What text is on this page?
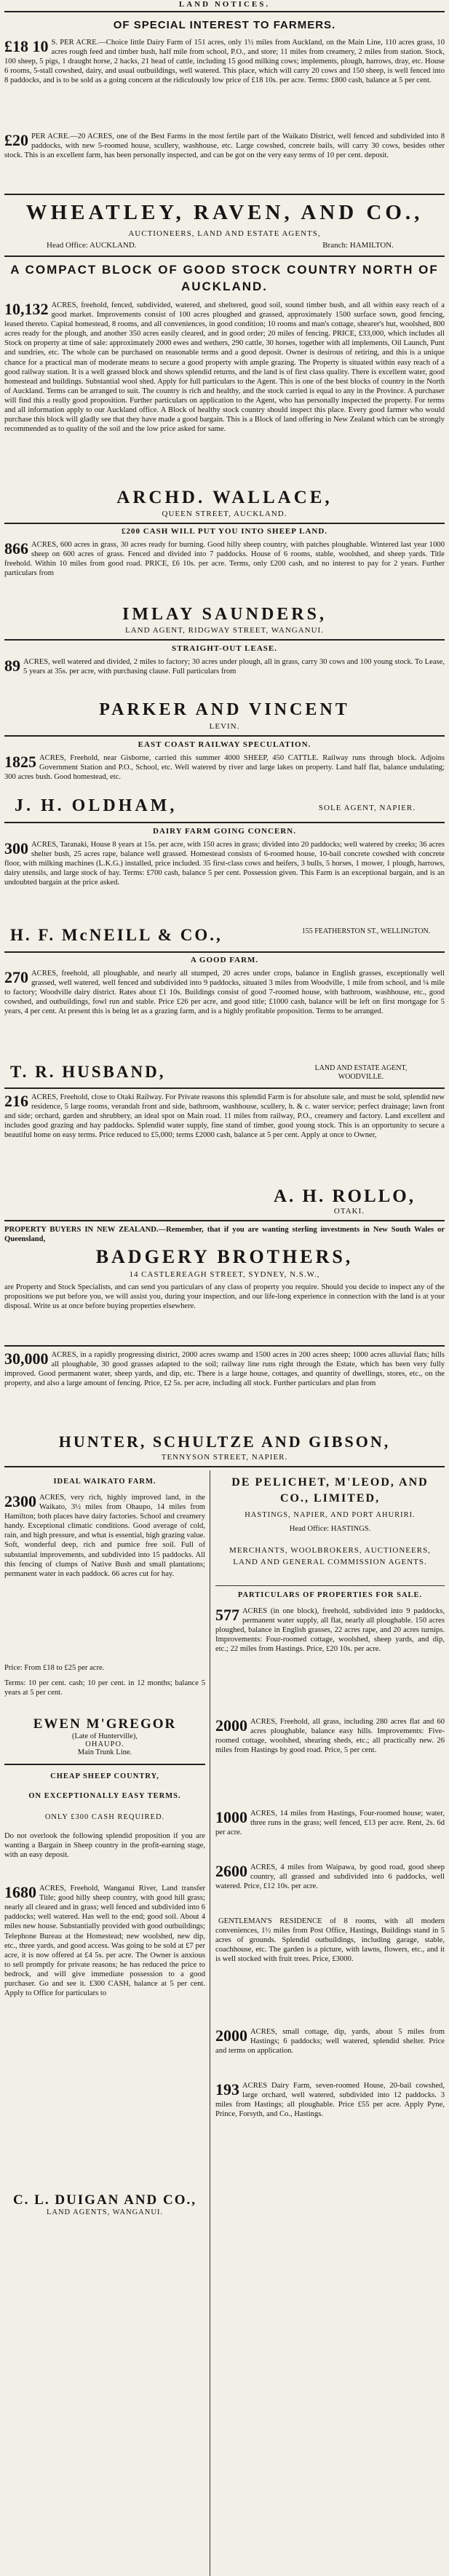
LAND NOTICES.
OF SPECIAL INTEREST TO FARMERS.
£18 10 S. PER ACRE.—Choice little Dairy Farm of 151 acres, only 1½ miles from Auckland, on the Main Line, 110 acres grass, 10 acres rough feed and timber bush, half mile from school, P.O., and store; 11 miles from creamery, 2 miles from station. Stock, 100 sheep, 5 pigs, 1 draught horse, 2 hacks, 21 head of cattle, including 15 good milking cows; implements, plough, harrows, dray, etc. House 6 rooms, 5-stall cowshed, dairy, and usual outbuildings, well watered. This place, which will carry 20 cows and 150 sheep, is well fenced into 8 paddocks, and is to be sold as a going concern at the ridiculously low price of £18 10s. per acre. Terms: £800 cash, balance at 5 per cent.
£20 PER ACRE.—20 ACRES, one of the Best Farms in the most fertile part of the Waikato District, well fenced and subdivided into 8 paddocks, with new 5-roomed house, scullery, washhouse, etc. Large cowshed, concrete bails, will carry 30 cows, besides other stock. This is an excellent farm, has been personally inspected, and can be got on the very easy terms of 10 per cent. deposit.
WHEATLEY, RAVEN, AND CO.,
AUCTIONEERS, LAND AND ESTATE AGENTS,
Head Office: AUCKLAND.	Branch: HAMILTON.
A COMPACT BLOCK OF GOOD STOCK COUNTRY NORTH OF AUCKLAND.
10,132 ACRES, freehold, fenced, subdivided, watered, and sheltered, good soil, sound timber bush, and all within easy reach of a good market. Improvements consist of 100 acres ploughed and grassed, approximately 1500 surface sown, good fencing, leased thereto. Capital homestead, 8 rooms, and all conveniences, in good condition; 10 rooms and man's cottage, shearer's hut, woolshed, 800 acres ready for the plough, and another 350 acres easily cleared, and in good order; 20 miles of fencing. PRICE, £33,000, which includes all Stock on property at time of sale: approximately 2000 ewes and wethers, 290 cattle, 30 horses, together with all implements, Oil Launch, Punt and sundries, etc. The whole can be purchased on reasonable terms and a good deposit. Owner is desirous of retiring, and this is a unique chance for a practical man of moderate means to secure a good property with ample grazing. The Property is situated within easy reach of a good railway station. It is a well grassed block and shows splendid returns, and the land is of first class quality. There is excellent water, good homestead and buildings. Substantial wool shed. Apply for full particulars to the Agent. This is one of the best blocks of country in the North of Auckland. Terms can be arranged to suit. The country is rich and healthy, and the stock carried is equal to any in the Province. A purchaser will find this a really good proposition. Further particulars on application to the Agent, who has personally inspected the property. For terms and all information apply to our Auckland office. A Block of healthy stock country should inspect this place. Every good farmer who would purchase this block will gladly see that they have made a good bargain. This is a Block of land offering in New Zealand which can be strongly recommended as to quality of the soil and the low price asked for same.
ARCHD. WALLACE,
QUEEN STREET, AUCKLAND.
£200 CASH WILL PUT YOU INTO SHEEP LAND.
866 ACRES, 600 acres in grass, 30 acres ready for burning. Good hilly sheep country, with patches ploughable. Wintered last year 1000 sheep on 600 acres of grass. Fenced and divided into 7 paddocks. House of 6 rooms, stable, woolshed, and sheep yards. Title freehold. Within 10 miles from good road. PRICE, £6 10s. per acre. Terms, only £200 cash, and no interest to pay for 2 years. Further particulars from
IMLAY SAUNDERS,
LAND AGENT, RIDGWAY STREET, WANGANUI.
STRAIGHT-OUT LEASE.
89 ACRES, well watered and divided, 2 miles to factory; 30 acres under plough, all in grass, carry 30 cows and 100 young stock. To Lease, 5 years at 35s. per acre, with purchasing clause. Full particulars from
PARKER AND VINCENT
LEVIN.
EAST COAST RAILWAY SPECULATION.
1825 ACRES, Freehold, near Gisborne, carried this summer 4000 SHEEP, 450 CATTLE. Railway runs through block. Adjoins Government Station and P.O., School, etc. Well watered by river and large lakes on property. Land half flat, balance undulating; 300 acres bush. Good homestead, etc.
J. H. OLDHAM,	SOLE AGENT, NAPIER.
DAIRY FARM GOING CONCERN.
300 ACRES, Taranaki, House 8 years at 15s. per acre, with 150 acres in grass; divided into 20 paddocks; well watered by creeks; 36 acres shelter bush, 25 acres rape, balance well grassed. Homestead consists of 6-roomed house, 10-bail concrete cowshed with concrete floor, with milking machines (L.K.G.) installed, price included. 35 first-class cows and heifers, 3 bulls, 5 horses, 1 mower, 1 plough, harrows, dairy utensils, and large stock of hay. Terms: £700 cash, balance 5 per cent. Possession given. This Farm is an exceptional bargain, and is an undoubted bargain at the price asked.
H. F. McNEILL & CO.,	155 FEATHERSTON ST., WELLINGTON.
A GOOD FARM.
270 ACRES, freehold, all ploughable, and nearly all stumped, 20 acres under crops, balance in English grasses, exceptionally well grassed, well watered, well fenced and subdivided into 9 paddocks, situated 3 miles from Woodville, 1 mile from school, and ¼ mile to factory; Woodville dairy district. Rates about £1 10s. Buildings consist of good 7-roomed house, with bathroom, washhouse, etc., good cowshed, and outbuildings, fowl run and stable. Price £26 per acre, and good title; £1000 cash, balance will be left on first mortgage for 5 years, 4 per cent. At present this is being let as a grazing farm, and is a highly profitable proposition. Terms to be arranged.
T. R. HUSBAND,	LAND AND ESTATE AGENT, WOODVILLE.
216 ACRES, Freehold, close to Otaki Railway. For Private reasons this splendid Farm is for absolute sale, and must be sold, splendid new residence, 5 large rooms, verandah front and side, bathroom, washhouse, scullery, h. & c. water service; perfect drainage; lawn front and side; orchard, garden and shrubbery, an ideal spot on Main road. 11 miles from railway, P.O., creamery and factory. Land excellent and includes good grazing and hay paddocks. Splendid water supply, fine stand of timber, good young stock. This is an opportunity to secure a beautiful home on easy terms. Price reduced to £5,000; terms £2000 cash, balance at 5 per cent. Apply at once to Owner,
A. H. ROLLO,
OTAKI.
PROPERTY BUYERS IN NEW ZEALAND.—Remember, that if you are wanting sterling investments in New South Wales or Queensland,
BADGERY BROTHERS,
14 CASTLEREAGH STREET, SYDNEY, N.S.W.,
are Property and Stock Specialists, and can send you particulars of any class of property you require. Should you decide to inspect any of the propositions we put before you, we will assist you, during your inspection, and our life-long experience in connection with the land is at your disposal. Write us at once before buying properties elsewhere.
30,000 ACRES, in a rapidly progressing district, 2000 acres swamp and 1500 acres in 200 acres sheep; 1000 acres alluvial flats; hills all ploughable, 30 good grasses adapted to the soil; railway line runs right through the Estate, which has been very fully improved. Good permanent water, sheep yards, and dip, etc. There is a large house, cottages, and quantity of dwellings, stores, etc., on the property, and also a large amount of fencing. Price, £2 5s. per acre, including all stock. Further particulars and plan from
HUNTER, SCHULTZE AND GIBSON,
TENNYSON STREET, NAPIER.
IDEAL WAIKATO FARM.
2300 ACRES, very rich, highly improved land, in the Waikato, 3½ miles from Ohaupo, 14 miles from Hamilton; both places have dairy factories. School and creamery handy. Exceptional climatic conditions. Good average of cold, rain, and high pressure, and what is essential, high grazing value. Soft, wonderful deep, rich and pumice free soil. Full of substantial improvements, and subdivided into 15 paddocks. All this fencing of clumps of Native Bush and small plantations; permanent water in each paddock. 66 acres cut for hay.
Price: From £18 to £25 per acre.
Terms: 10 per cent. cash; 10 per cent. in 12 months; balance 5 years at 5 per cent.
EWEN M'GREGOR
(Late of Hunterville),
OHAUPO.
Main Trunk Line.
CHEAP SHEEP COUNTRY,
ON EXCEPTIONALLY EASY TERMS.
ONLY £300 CASH REQUIRED.
Do not overlook the following splendid proposition if you are wanting a Bargain in Sheep country in the profit-earning stage, with an easy deposit.
1680 ACRES, Freehold, Wanganui River, Land transfer Title; good hilly sheep country, with good hill grass; nearly all cleared and in grass; well fenced and subdivided into 6 paddocks; well watered. Has well to the end; good soil. About 4 miles new house. Substantially provided with good outbuildings; Telephone Bureau at the Homestead; new woolshed, new dip, etc., three yards, and good access. Was going to be sold at £7 per acre, it is now offered at £4 5s. per acre. The Owner is anxious to sell promptly for private reasons; he has reduced the price to bedrock, and will give immediate possession to a good purchaser. Go and see it. £300 CASH, balance at 5 per cent. Apply to Office for particulars to
C. L. DUIGAN AND CO.,
LAND AGENTS, WANGANUI.
DE PELICHET, M'LEOD, AND CO., LIMITED,
HASTINGS, NAPIER, AND PORT AHURIRI.
Head Office: HASTINGS.
MERCHANTS, WOOLBROKERS, AUCTIONEERS, LAND AND GENERAL COMMISSION AGENTS.
PARTICULARS OF PROPERTIES FOR SALE.
577 ACRES (in one block), freehold, subdivided into 9 paddocks, permanent water supply, all flat, nearly all ploughable. 150 acres ploughed, balance in English grasses, 22 acres rape, and 20 acres turnips. Improvements: Four-roomed cottage, woolshed, sheep yards, and dip, etc.; 22 miles from Hastings. Price, £20 10s. per acre.
2000 ACRES, Freehold, all grass, including 280 acres flat and 60 acres ploughable, balance easy hills. Improvements: Five-roomed cottage, woolshed, shearing sheds, etc.; all practically new. 26 miles from Hastings by good road. Price, 5 per cent.
1000 ACRES, 14 miles from Hastings, Four-roomed house; water, three runs in the grass; well fenced, £13 per acre. Rent, 2s. 6d per acre.
2600 ACRES, 4 miles from Waipawa, by good road, good sheep country, all grassed and subdivided into 6 paddocks, well watered. Price, £12 10s. per acre.
GENTLEMAN'S RESIDENCE of 8 rooms, with all modern conveniences, 1½ miles from Post Office, Hastings, Buildings stand in 5 acres of grounds. Splendid outbuildings, including garage, stable, coachhouse, etc. The garden is a picture, with lawns, flowers, etc., and it is well stocked with fruit trees. Price, £3000.
2000 ACRES, small cottage, dip, yards, about 5 miles from Hastings; 6 paddocks; well watered, splendid shelter. Price and terms on application.
193 ACRES Dairy Farm, seven-roomed House, 20-bail cowshed, large orchard, well watered, subdivided into 12 paddocks. 3 miles from Hastings; all ploughable. Price £55 per acre. Apply Pyne, Prince, Forsyth, and Co., Hastings.
